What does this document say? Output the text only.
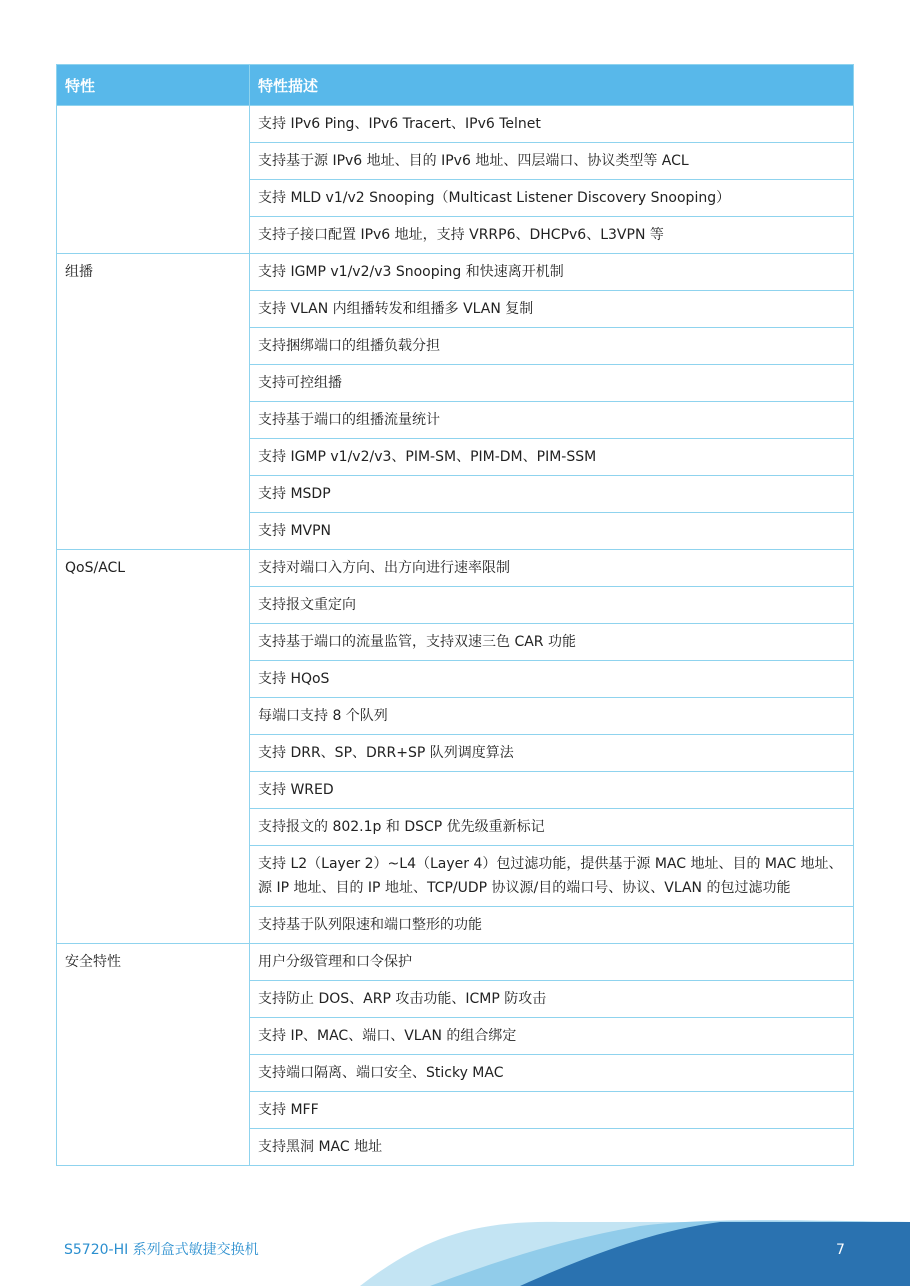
特性	特性描述
	支持 IPv6 Ping、IPv6 Tracert、IPv6 Telnet
	支持基于源 IPv6 地址、目的 IPv6 地址、四层端口、协议类型等 ACL
	支持 MLD v1/v2 Snooping（Multicast Listener Discovery Snooping）
	支持子接口配置 IPv6 地址，支持 VRRP6、DHCPv6、L3VPN 等
组播	支持 IGMP v1/v2/v3 Snooping 和快速离开机制
	支持 VLAN 内组播转发和组播多 VLAN 复制
	支持捆绑端口的组播负载分担
	支持可控组播
	支持基于端口的组播流量统计
	支持 IGMP v1/v2/v3、PIM-SM、PIM-DM、PIM-SSM
	支持 MSDP
	支持 MVPN
QoS/ACL	支持对端口入方向、出方向进行速率限制
	支持报文重定向
	支持基于端口的流量监管，支持双速三色 CAR 功能
	支持 HQoS
	每端口支持 8 个队列
	支持 DRR、SP、DRR+SP 队列调度算法
	支持 WRED
	支持报文的 802.1p 和 DSCP 优先级重新标记
	支持 L2（Layer 2）~L4（Layer 4）包过滤功能，提供基于源 MAC 地址、目的 MAC 地址、源 IP 地址、目的 IP 地址、TCP/UDP 协议源/目的端口号、协议、VLAN 的包过滤功能
	支持基于队列限速和端口整形的功能
安全特性	用户分级管理和口令保护
	支持防止 DOS、ARP 攻击功能、ICMP 防攻击
	支持 IP、MAC、端口、VLAN 的组合绑定
	支持端口隔离、端口安全、Sticky MAC
	支持 MFF
	支持黑洞 MAC 地址
S5720-HI 系列盒式敏捷交换机	7
